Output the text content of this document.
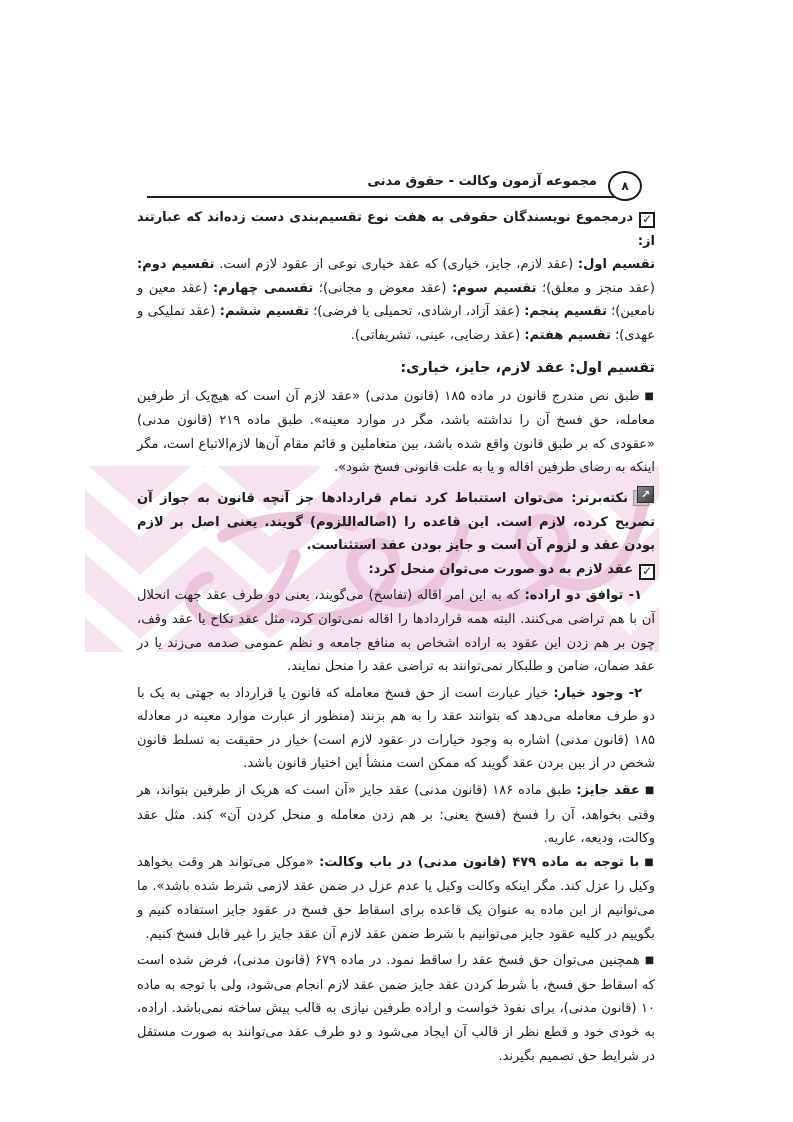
مجموعه آزمون وکالت - حقوق مدنی ۸

✓درمجموع نویسندگان حقوقی به هفت نوع تقسیم‌بندی دست زده‌اند که عبارتند از:

تقسیم اول: (عقد لازم، جایز، خیاری) که عقد خیاری نوعی از عقود لازم است. تقسیم دوم: (عقد منجز و معلق)؛ تقسیم سوم: (عقد معوض و مجانی)؛ تقسمی چهارم: (عقد معین و نامعین)؛ تقسیم پنجم: (عقد آزاد، ارشادی، تحمیلی یا فرضی)؛ تقسیم ششم: (عقد تملیکی و عهدی)؛ تقسیم هفتم: (عقد رضایی، عینی، تشریفاتی).

تقسیم اول: عقد لازم، جایز، خیاری:

■طبق نص مندرج قانون در ماده ۱۸۵ (قانون مدنی) «عقد لازم آن است که هیچ‌یک از طرفین معامله، حق فسخ آن را نداشته باشد، مگر در موارد معینه». طبق ماده ۲۱۹ (قانون مدنی) «عقودی که بر طبق قانون واقع شده باشد، بین متعاملین و قائم مقام آن‌ها لازم‌الاتباع است، مگر اینکه به رضای طرفین اقاله و یا به علت قانونی فسخ شود».

↗
نکته‌برتر: می‌توان استنباط کرد تمام قراردادها جز آنچه قانون به جواز آن تصریح کرده، لازم است. این قاعده را (اصاله‌اللزوم) گویند. یعنی اصل بر لازم بودن عقد و لزوم آن است و جایز بودن عقد استثناست.

✓عقد لازم به دو صورت می‌توان منحل کرد:

۱- توافق دو اراده: که به این امر اقاله (تفاسخ) می‌گویند، یعنی دو طرف عقد جهت انحلال آن با هم تراضی می‌کنند. البته همه قراردادها را اقاله نمی‌توان کرد، مثل عقد نکاح یا عقد وقف، چون بر هم زدن این عقود به اراده اشخاص به منافع جامعه و نظم عمومی صدمه می‌زند یا در عقد ضمان، ضامن و طلبکار نمی‌توانند به تراضی عقد را منحل نمایند.

۲- وجود خیار: خیار عبارت است از حق فسخ معامله که قانون یا قرارداد به جهتی به یک با دو طرف معامله می‌دهد که بتوانند عقد را به هم بزنند (منظور از عبارت موارد معینه در معادله ۱۸۵ (قانون مدنی) اشاره به وجود خیارات در عقود لازم است) خیار در حقیقت به تسلط قانون شخص در از بین بردن عقد گویند که ممکن است منشأ این اختیار قانون باشد.

■عقد جایز: طبق ماده ۱۸۶ (قانون مدنی) عقد جایز «آن است که هریک از طرفین بتواند، هر وقتی بخواهد، آن را فسخ (فسخ یعنی: بر هم زدن معامله و منحل کردن آن» کند. مثل عقد وکالت، ودیعه، عاریه.

■با توجه به ماده ۴۷۹ (قانون مدنی) در باب وکالت: «موکل می‌تواند هر وقت بخواهد وکیل را عزل کند. مگر اینکه وکالت وکیل یا عدم عزل در ضمن عقد لازمی شرط شده باشد». ما می‌توانیم از این ماده به عنوان یک قاعده برای اسقاط حق فسخ در عقود جایز استفاده کنیم و بگوییم در کلیه عقود جایز می‌توانیم با شرط ضمن عقد لازم آن عقد جایز را غیر قابل فسخ کنیم.

■همچنین می‌توان حق فسخ عقد را ساقط نمود. در ماده ۶۷۹ (قانون مدنی)، فرض شده است که اسقاط حق فسخ، با شرط کردن عقد جایز ضمن عقد لازم انجام می‌شود، ولی با توجه به ماده ۱۰ (قانون مدنی)، برای نفوذ خواست و اراده طرفین نیازی به قالب پیش ساخته نمی‌باشد. اراده، به خودی خود و قطع نظر از قالب آن ایجاد می‌شود و دو طرف عقد می‌توانند به صورت مستقل در شرایط حق تصمیم بگیرند.
